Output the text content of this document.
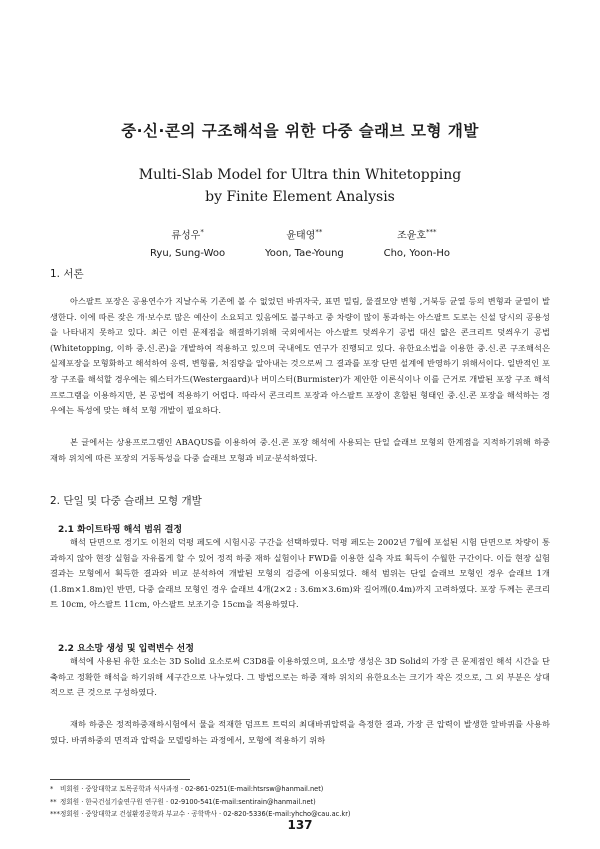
중·신·콘의 구조해석을 위한 다중 슬래브 모형 개발
Multi-Slab Model for Ultra thin Whitetopping
by Finite Element Analysis
류성우*
Ryu, Sung-Woo
윤태영**
Yoon, Tae-Young
조윤호***
Cho, Yoon-Ho
1. 서론

아스팔트 포장은 공용연수가 지날수록 기존에 볼 수 없었던 바퀴자국, 표면 밀림, 물결모양 변형 ,거북등 균열 등의 변형과 균열이 발생한다. 이에 따른 잦은 개·보수로 많은 예산이 소요되고 있음에도 불구하고 중 차량이 많이 통과하는 아스팔트 도로는 신설 당시의 공용성을 나타내지 못하고 있다. 최근 이런 문제점을 해결하기위해 국외에서는 아스팔트 덧씌우기 공법 대신 얇은 콘크리트 덧씌우기 공법 (Whitetopping, 이하 중.신.콘)을 개발하여 적용하고 있으며 국내에도 연구가 진행되고 있다. 유한요소법을 이용한 중.신.콘 구조해석은 실제포장을 모형화하고 해석하여 응력, 변형률, 처짐량을 알아내는 것으로써 그 결과를 포장 단면 설계에 반영하기 위해서이다. 일반적인 포장 구조를 해석할 경우에는 웨스터가드(Westergaard)나 버미스터(Burmister)가 제안한 이론식이나 이를 근거로 개발된 포장 구조 해석 프로그램을 이용하지만, 본 공법에 적용하기 어렵다. 따라서 콘크리트 포장과 아스팔트 포장이 혼합된 형태인 중.신.콘 포장을 해석하는 경우에는 특성에 맞는 해석 모형 개발이 필요하다.

본 글에서는 상용프로그램인 ABAQUS를 이용하여 중.신.콘 포장 해석에 사용되는 단일 슬래브 모형의 한계점을 지적하기위해 하중 재하 위치에 따른 포장의 거동특성을 다중 슬래브 모형과 비교·분석하였다.

2. 단일 및 다중 슬래브 모형 개발
2.1 화이트타핑 해석 범위 결정

해석 단면으로 경기도 이천의 덕평 페도에 시험시공 구간을 선택하였다. 덕평 페도는 2002년 7월에 포설된 시험 단면으로 차량이 통과하지 않아 현장 실험을 자유롭게 할 수 있어 정적 하중 재하 실험이나 FWD를 이용한 실측 자료 획득이 수월한 구간이다. 이들 현장 실험 결과는 모형에서 획득한 결과와 비교 분석하여 개발된 모형의 검증에 이용되었다. 해석 범위는 단일 슬래브 모형인 경우 슬래브 1개(1.8m×1.8m)인 반면, 다중 슬래브 모형인 경우 슬래브 4개(2×2 : 3.6m×3.6m)와 길어깨(0.4m)까지 고려하였다. 포장 두께는 콘크리트 10cm, 아스팔트 11cm, 아스팔트 보조기층 15cm을 적용하였다.

2.2 요소망 생성 및 입력변수 선정

해석에 사용된 유한 요소는 3D Solid 요소로써 C3D8를 이용하였으며, 요소망 생성은 3D Solid의 가장 큰 문제점인 해석 시간을 단축하고 정확한 해석을 하기위해 세구간으로 나누었다. 그 방법으로는 하중 재하 위치의 유한요소는 크기가 작은 것으로, 그 외 부분은 상대적으로 큰 것으로 구성하였다.

재하 하중은 정적하중재하시험에서 물을 적재한 덤프트 트럭의 최대바퀴압력을 측정한 결과, 가장 큰 압력이 발생한 앞바퀴를 사용하였다. 바퀴하중의 면적과 압력을 모델링하는 과정에서, 모형에 적용하기 위하

* 비회원 · 중앙대학교 토목공학과 석사과정 · 02-861-0251(E-mail:htsrsw@hanmail.net)
** 정회원 · 한국건설기술연구원 연구원 · 02-9100-541(E-mail:sentirain@hanmail.net)
***정회원 · 중앙대학교 건설환경공학과 부교수 · 공학박사 · 02-820-5336(E-mail:yhcho@cau.ac.kr)
137
